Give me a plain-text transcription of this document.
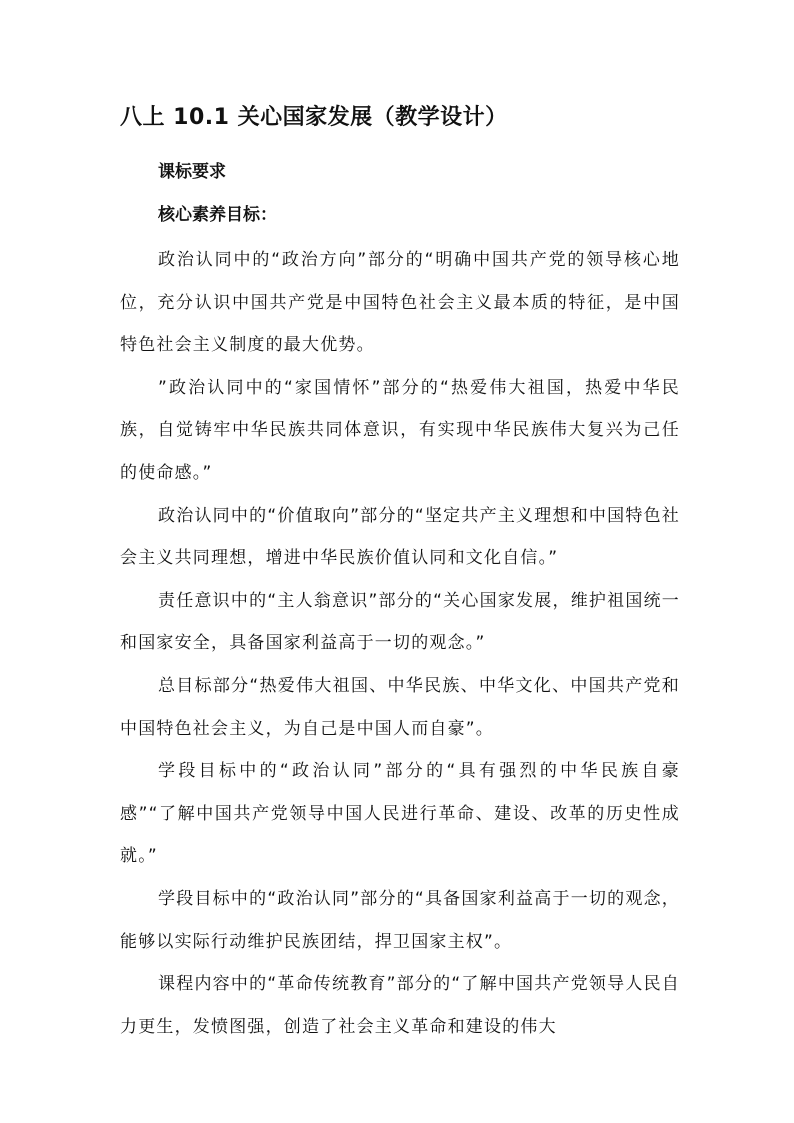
八上 10.1 关心国家发展（教学设计）
课标要求
核心素养目标：

政治认同中的“政治方向”部分的“明确中国共产党的领导核心地位，充分认识中国共产党是中国特色社会主义最本质的特征，是中国特色社会主义制度的最大优势。

”政治认同中的“家国情怀”部分的“热爱伟大祖国，热爱中华民族，自觉铸牢中华民族共同体意识，有实现中华民族伟大复兴为己任的使命感。”

政治认同中的“价值取向”部分的“坚定共产主义理想和中国特色社会主义共同理想，增进中华民族价值认同和文化自信。”

责任意识中的“主人翁意识”部分的“关心国家发展，维护祖国统一和国家安全，具备国家利益高于一切的观念。”

总目标部分“热爱伟大祖国、中华民族、中华文化、中国共产党和中国特色社会主义，为自己是中国人而自豪”。

学段目标中的“政治认同”部分的“具有强烈的中华民族自豪感”“了解中国共产党领导中国人民进行革命、建设、改革的历史性成就。”

学段目标中的“政治认同”部分的“具备国家利益高于一切的观念，能够以实际行动维护民族团结，捍卫国家主权”。

课程内容中的“革命传统教育”部分的“了解中国共产党领导人民自力更生，发愤图强，创造了社会主义革命和建设的伟大
